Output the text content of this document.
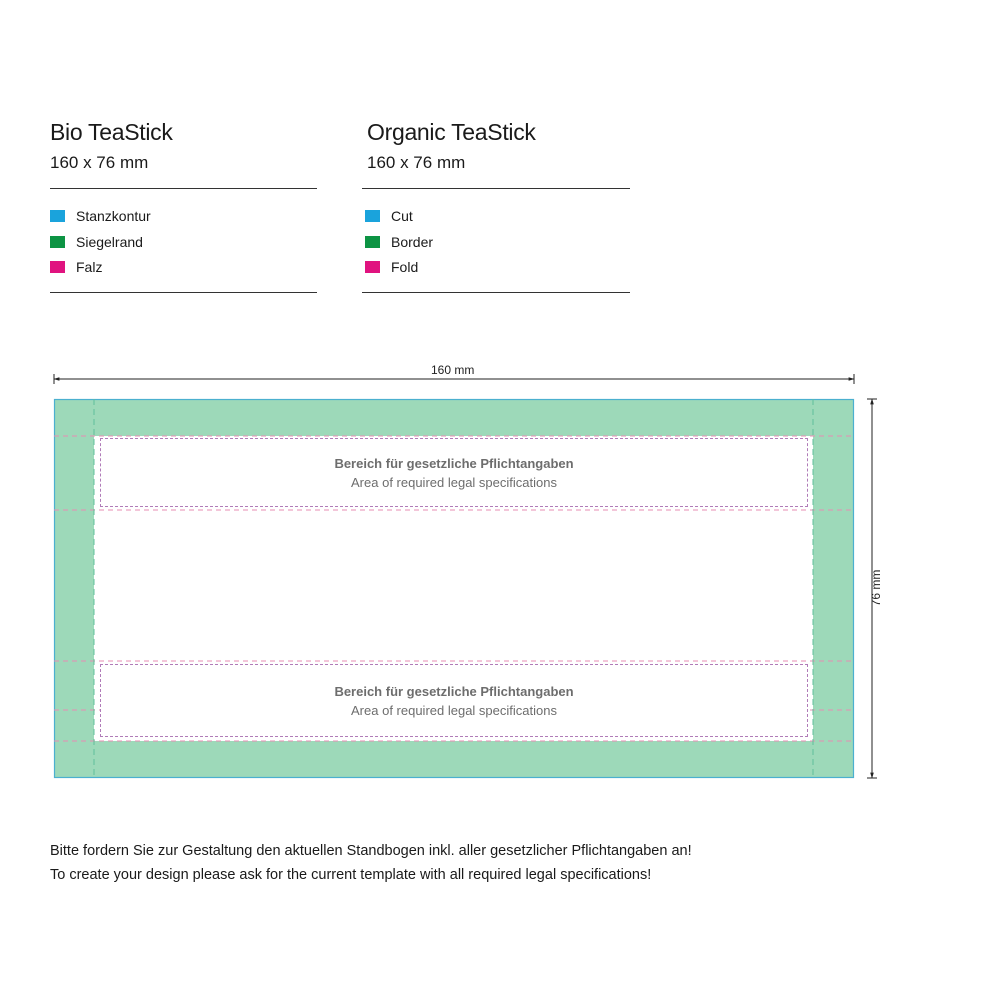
Bio TeaStick
160 x 76 mm
Stanzkontur
Siegelrand
Falz
Organic TeaStick
160 x 76 mm
Cut
Border
Fold
160 mm
76 mm
Bereich für gesetzliche Pflichtangaben
Area of required legal specifications
Bereich für gesetzliche Pflichtangaben
Area of required legal specifications
Bitte fordern Sie zur Gestaltung den aktuellen Standbogen inkl. aller gesetzlicher Pflichtangaben an!
To create your design please ask for the current template with all required legal specifications!
